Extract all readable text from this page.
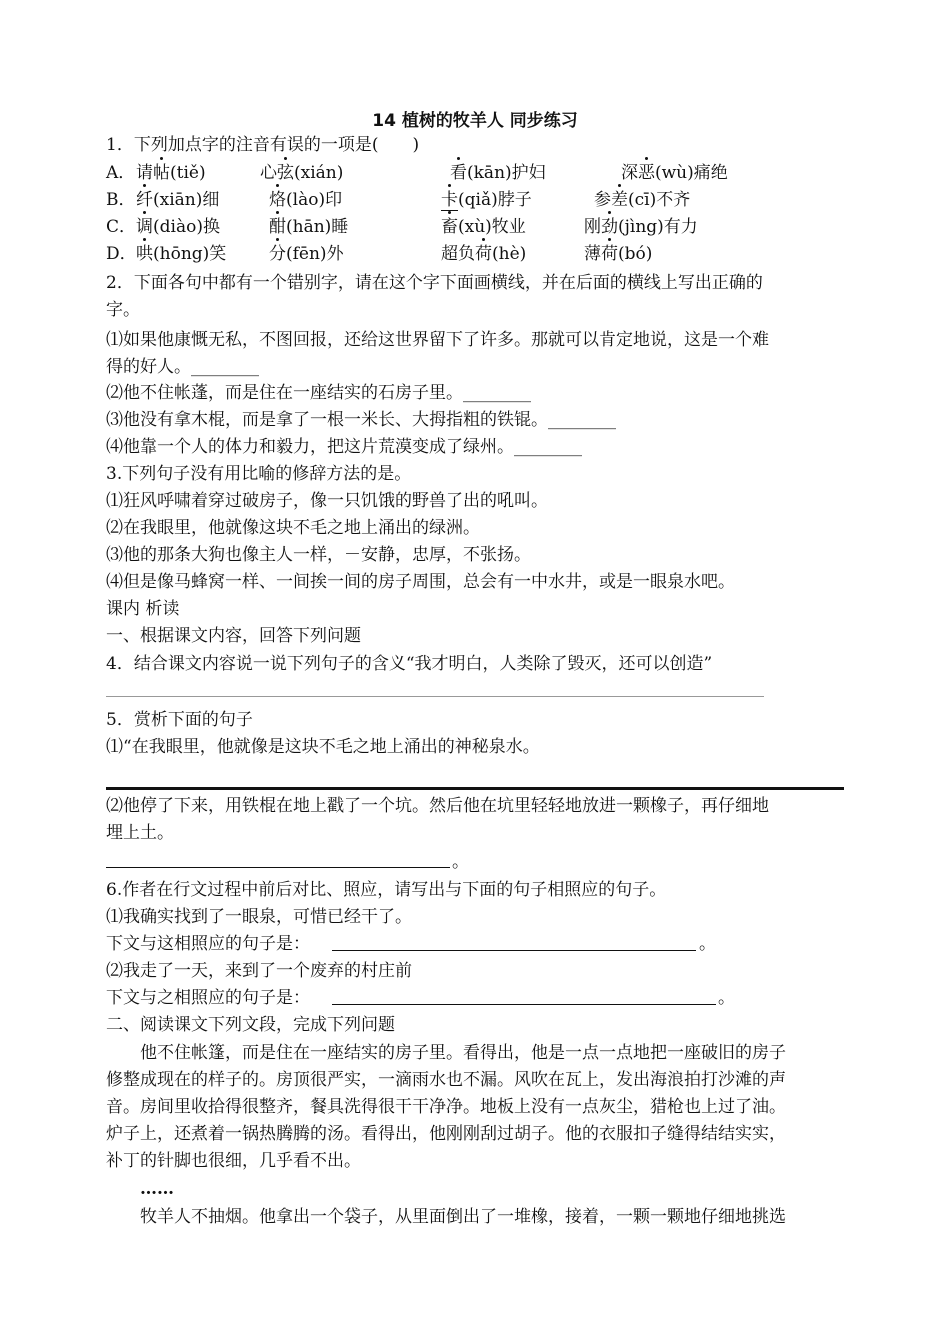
14 植树的牧羊人 同步练习
1．下列加点字的注音有误的一项是(　　)
A． 请帖(tiě)	心弦(xián)	看(kān)护妇	深恶(wù)痛绝
B． 纤(xiān)细	烙(lào)印	卡(qiǎ)脖子	参差(cī)不齐
C． 调(diào)换	酣(hān)睡	畜(xù)牧业	刚劲(jìng)有力
D． 哄(hōng)笑	分(fēn)外	超负荷(hè)	薄荷(bó)
2．下面各句中都有一个错别字，请在这个字下面画横线，并在后面的横线上写出正确的
字。
⑴如果他康慨无私，不图回报，还给这世界留下了许多。那就可以肯定地说，这是一个难
得的好人。________
⑵他不住帐蓬，而是住在一座结实的石房子里。________
⑶他没有拿木棍，而是拿了一根一米长、大拇指粗的铁锟。________
⑷他靠一个人的体力和毅力，把这片荒漠变成了绿州。________
3.下列句子没有用比喻的修辞方法的是。
⑴狂风呼啸着穿过破房子，像一只饥饿的野兽了出的吼叫。
⑵在我眼里，他就像这块不毛之地上涌出的绿洲。
⑶他的那条大狗也像主人一样，－安静，忠厚，不张扬。
⑷但是像马蜂窝一样、一间挨一间的房子周围，总会有一中水井，或是一眼泉水吧。
课内 析读
一、根据课文内容，回答下列问题
4．结合课文内容说一说下列句子的含义“我才明白，人类除了毁灭，还可以创造”
5．赏析下面的句子
⑴“在我眼里，他就像是这块不毛之地上涌出的神秘泉水。
⑵他停了下来，用铁棍在地上戳了一个坑。然后他在坑里轻轻地放进一颗橡子，再仔细地
埋上土。
。
6.作者在行文过程中前后对比、照应，请写出与下面的句子相照应的句子。
⑴我确实找到了一眼泉，可惜已经干了。
下文与这相照应的句子是：	。
⑵我走了一天，来到了一个废弃的村庄前
下文与之相照应的句子是：	。
二、阅读课文下列文段，完成下列问题
　　他不住帐篷，而是住在一座结实的房子里。看得出，他是一点一点地把一座破旧的房子
修整成现在的样子的。房顶很严实，一滴雨水也不漏。风吹在瓦上，发出海浪拍打沙滩的声
音。房间里收拾得很整齐，餐具洗得很干干净净。地板上没有一点灰尘，猎枪也上过了油。
炉子上，还煮着一锅热腾腾的汤。看得出，他刚刚刮过胡子。他的衣服扣子缝得结结实实，
补丁的针脚也很细，几乎看不出。
……
　　牧羊人不抽烟。他拿出一个袋子，从里面倒出了一堆橡，接着，一颗一颗地仔细地挑选
